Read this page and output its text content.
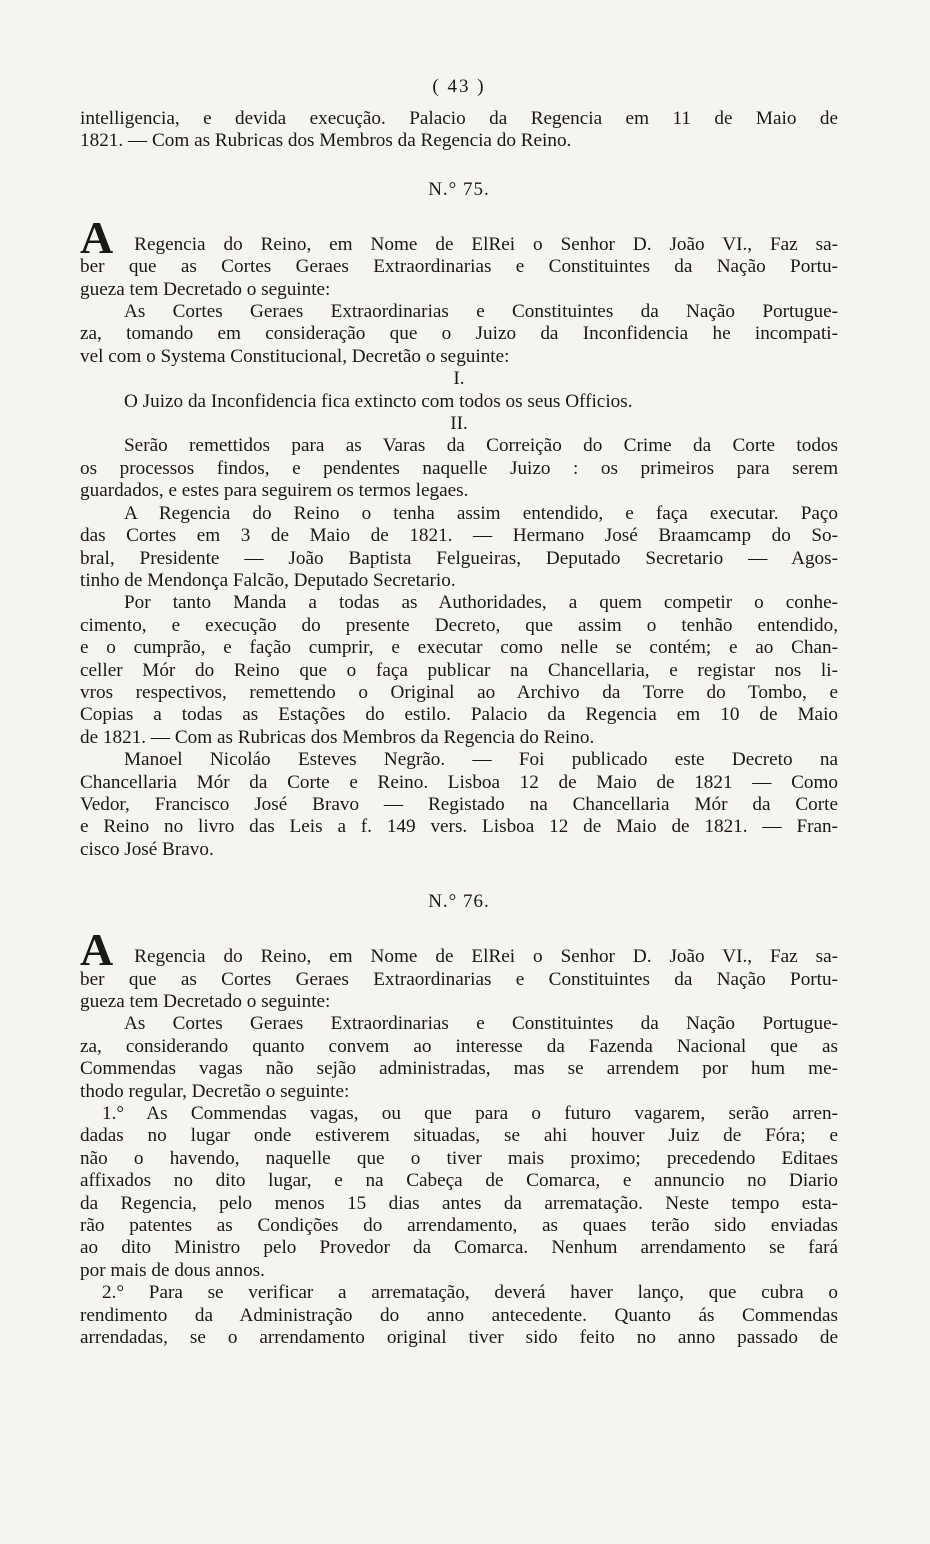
( 43 )
intelligencia, e devida execução. Palacio da Regencia em 11 de Maio de
1821. — Com as Rubricas dos Membros da Regencia do Reino.
N.° 75.
A Regencia do Reino, em Nome de ElRei o Senhor D. João VI., Faz sa-
ber que as Cortes Geraes Extraordinarias e Constituintes da Nação Portu-
gueza tem Decretado o seguinte:
As Cortes Geraes Extraordinarias e Constituintes da Nação Portugue-
za, tomando em consideração que o Juizo da Inconfidencia he incompati-
vel com o Systema Constitucional, Decretão o seguinte:
I.
O Juizo da Inconfidencia fica extincto com todos os seus Officios.
II.
Serão remettidos para as Varas da Correição do Crime da Corte todos
os processos findos, e pendentes naquelle Juizo : os primeiros para serem
guardados, e estes para seguirem os termos legaes.
A Regencia do Reino o tenha assim entendido, e faça executar. Paço
das Cortes em 3 de Maio de 1821. — Hermano José Braamcamp do So-
bral, Presidente — João Baptista Felgueiras, Deputado Secretario — Agos-
tinho de Mendonça Falcão, Deputado Secretario.
Por tanto Manda a todas as Authoridades, a quem competir o conhe-
cimento, e execução do presente Decreto, que assim o tenhão entendido,
e o cumprão, e fação cumprir, e executar como nelle se contém; e ao Chan-
celler Mór do Reino que o faça publicar na Chancellaria, e registar nos li-
vros respectivos, remettendo o Original ao Archivo da Torre do Tombo, e
Copias a todas as Estações do estilo. Palacio da Regencia em 10 de Maio
de 1821. — Com as Rubricas dos Membros da Regencia do Reino.
Manoel Nicoláo Esteves Negrão. — Foi publicado este Decreto na
Chancellaria Mór da Corte e Reino. Lisboa 12 de Maio de 1821 — Como
Vedor, Francisco José Bravo — Registado na Chancellaria Mór da Corte
e Reino no livro das Leis a f. 149 vers. Lisboa 12 de Maio de 1821. — Fran-
cisco José Bravo.
N.° 76.
A Regencia do Reino, em Nome de ElRei o Senhor D. João VI., Faz sa-
ber que as Cortes Geraes Extraordinarias e Constituintes da Nação Portu-
gueza tem Decretado o seguinte:
As Cortes Geraes Extraordinarias e Constituintes da Nação Portugue-
za, considerando quanto convem ao interesse da Fazenda Nacional que as
Commendas vagas não sejão administradas, mas se arrendem por hum me-
thodo regular, Decretão o seguinte:
1.° As Commendas vagas, ou que para o futuro vagarem, serão arren-
dadas no lugar onde estiverem situadas, se ahi houver Juiz de Fóra; e
não o havendo, naquelle que o tiver mais proximo; precedendo Editaes
affixados no dito lugar, e na Cabeça de Comarca, e annuncio no Diario
da Regencia, pelo menos 15 dias antes da arrematação. Neste tempo esta-
rão patentes as Condições do arrendamento, as quaes terão sido enviadas
ao dito Ministro pelo Provedor da Comarca. Nenhum arrendamento se fará
por mais de dous annos.
2.° Para se verificar a arrematação, deverá haver lanço, que cubra o
rendimento da Administração do anno antecedente. Quanto ás Commendas
arrendadas, se o arrendamento original tiver sido feito no anno passado de
